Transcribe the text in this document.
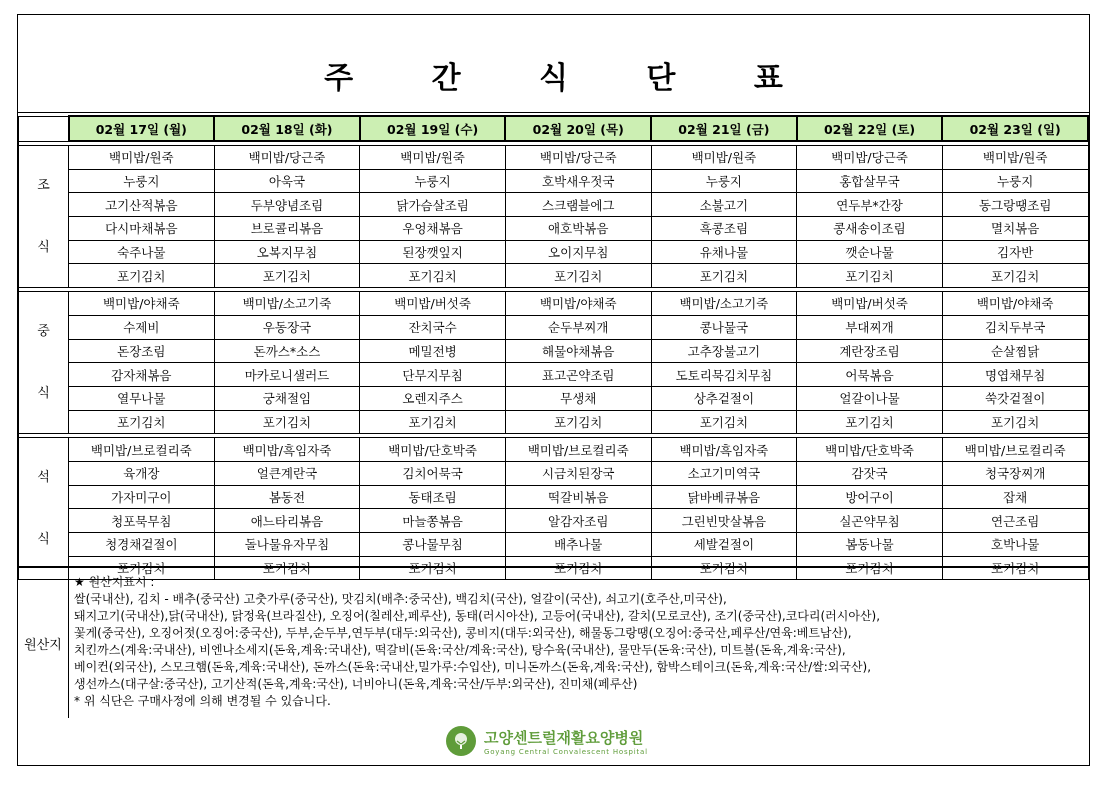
주 간 식 단 표
	02월 17일 (월)	02월 18일 (화)	02월 19일 (수)	02월 20일 (목)	02월 21일 (금)	02월 22일 (토)	02월 23일 (일)

조

식	백미밥/원죽	백미밥/당근죽	백미밥/원죽	백미밥/당근죽	백미밥/원죽	백미밥/당근죽	백미밥/원죽
	누룽지	아욱국	누룽지	호박새우젓국	누룽지	홍합살무국	누룽지
	고기산적볶음	두부양념조림	닭가슴살조림	스크램블에그	소불고기	연두부*간장	동그랑땡조림
	다시마채볶음	브로콜리볶음	우엉채볶음	애호박볶음	흑콩조림	콩새송이조림	멸치볶음
	숙주나물	오복지무침	된장깻잎지	오이지무침	유채나물	깻순나물	김자반
	포기김치	포기김치	포기김치	포기김치	포기김치	포기김치	포기김치

중

식	백미밥/야채죽	백미밥/소고기죽	백미밥/버섯죽	백미밥/야채죽	백미밥/소고기죽	백미밥/버섯죽	백미밥/야채죽
	수제비	우동장국	잔치국수	순두부찌개	콩나물국	부대찌개	김치두부국
	돈장조림	돈까스*소스	메밀전병	해물야채볶음	고추장불고기	계란장조림	순살찜닭
	감자채볶음	마카로니샐러드	단무지무침	표고곤약조림	도토리묵김치무침	어묵볶음	명엽채무침
	열무나물	궁채절임	오렌지주스	무생채	상추겉절이	얼갈이나물	쑥갓겉절이
	포기김치	포기김치	포기김치	포기김치	포기김치	포기김치	포기김치

석

식	백미밥/브로컬리죽	백미밥/흑임자죽	백미밥/단호박죽	백미밥/브로컬리죽	백미밥/흑임자죽	백미밥/단호박죽	백미밥/브로컬리죽
	육개장	얼큰계란국	김치어묵국	시금치된장국	소고기미역국	감잣국	청국장찌개
	가자미구이	봄동전	동태조림	떡갈비볶음	닭바베큐볶음	방어구이	잡채
	청포묵무침	애느타리볶음	마늘쫑볶음	알감자조림	그린빈맛살볶음	실곤약무침	연근조림
	청경채겉절이	돌나물유자무침	콩나물무침	배추나물	세발겉절이	봄동나물	호박나물
	포기김치	포기김치	포기김치	포기김치	포기김치	포기김치	포기김치
원산지
★ 원산지표시 :
쌀(국내산), 김치 - 배추(중국산) 고춧가루(중국산), 맛김치(배추:중국산), 백김치(국산), 얼갈이(국산), 쇠고기(호주산,미국산),
돼지고기(국내산),닭(국내산), 닭정육(브라질산), 오징어(칠레산,페루산), 동태(러시아산), 고등어(국내산), 갈치(모로코산), 조기(중국산),코다리(러시아산),
꽃게(중국산), 오징어젓(오징어:중국산), 두부,순두부,연두부(대두:외국산), 콩비지(대두:외국산), 해물동그랑땡(오징어:중국산,페루산/연육:베트남산),
치킨까스(계육:국내산), 비엔나소세지(돈육,계육:국내산), 떡갈비(돈육:국산/계육:국산), 탕수육(국내산), 물만두(돈육:국산), 미트볼(돈육,계육:국산),
베이컨(외국산), 스모크햄(돈육,계육:국내산), 돈까스(돈육:국내산,밀가루:수입산), 미니돈까스(돈육,계육:국산), 함박스테이크(돈육,계육:국산/쌀:외국산),
생선까스(대구살:중국산), 고기산적(돈육,계육:국산), 너비아니(돈육,계육:국산/두부:외국산), 진미채(페루산)
* 위 식단은 구매사정에 의해 변경될 수 있습니다.
고양센트럴재활요양병원
Goyang Central Convalescent Hospital
